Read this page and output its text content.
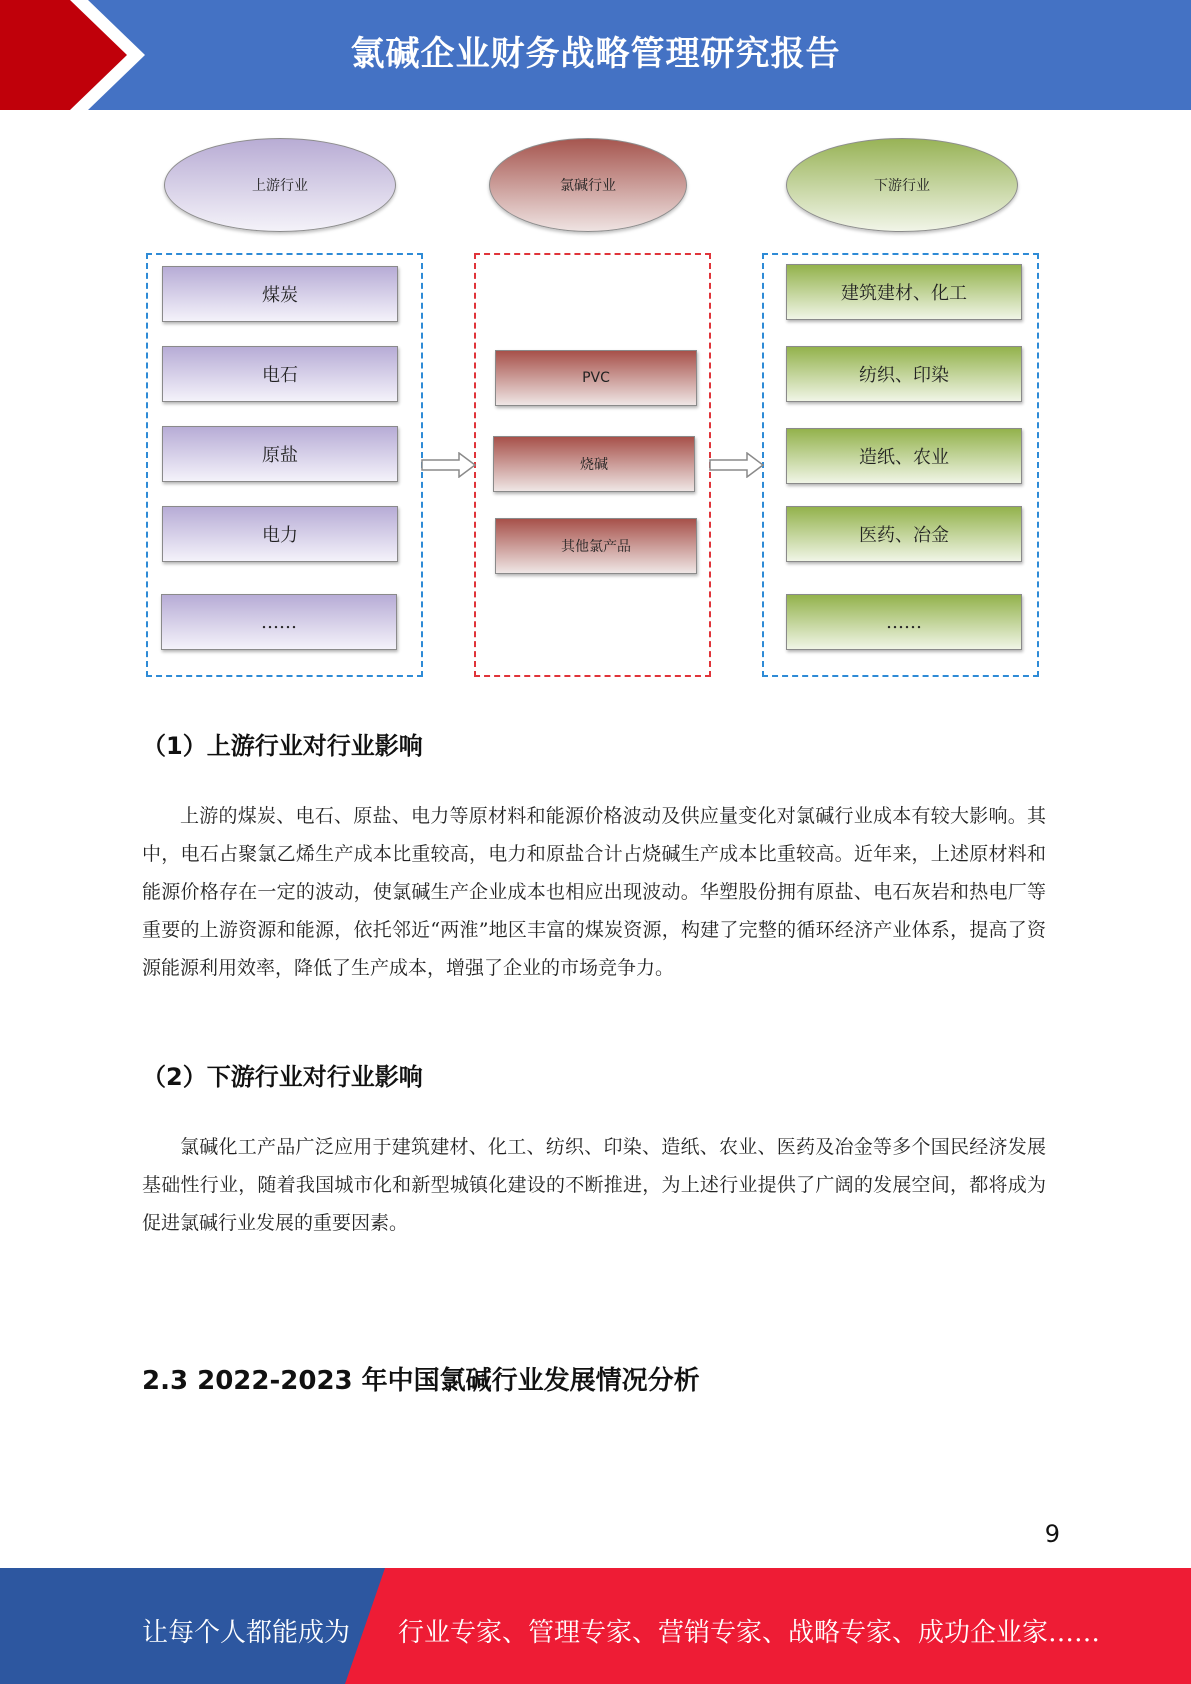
氯碱企业财务战略管理研究报告
上游行业	氯碱行业	下游行业
煤炭
电石
原盐
电力
……
PVC
烧碱
其他氯产品
建筑建材、化工
纺织、印染
造纸、农业
医药、冶金
……
（1）上游行业对行业影响
上游的煤炭、电石、原盐、电力等原材料和能源价格波动及供应量变化对氯碱行业成本有较大影响。其中，电石占聚氯乙烯生产成本比重较高，电力和原盐合计占烧碱生产成本比重较高。近年来，上述原材料和能源价格存在一定的波动，使氯碱生产企业成本也相应出现波动。华塑股份拥有原盐、电石灰岩和热电厂等重要的上游资源和能源，依托邻近“两淮”地区丰富的煤炭资源，构建了完整的循环经济产业体系，提高了资源能源利用效率，降低了生产成本，增强了企业的市场竞争力。
（2）下游行业对行业影响
氯碱化工产品广泛应用于建筑建材、化工、纺织、印染、造纸、农业、医药及冶金等多个国民经济发展基础性行业，随着我国城市化和新型城镇化建设的不断推进，为上述行业提供了广阔的发展空间，都将成为促进氯碱行业发展的重要因素。
2.3 2022-2023 年中国氯碱行业发展情况分析
9
让每个人都能成为 行业专家、管理专家、营销专家、战略专家、成功企业家……
